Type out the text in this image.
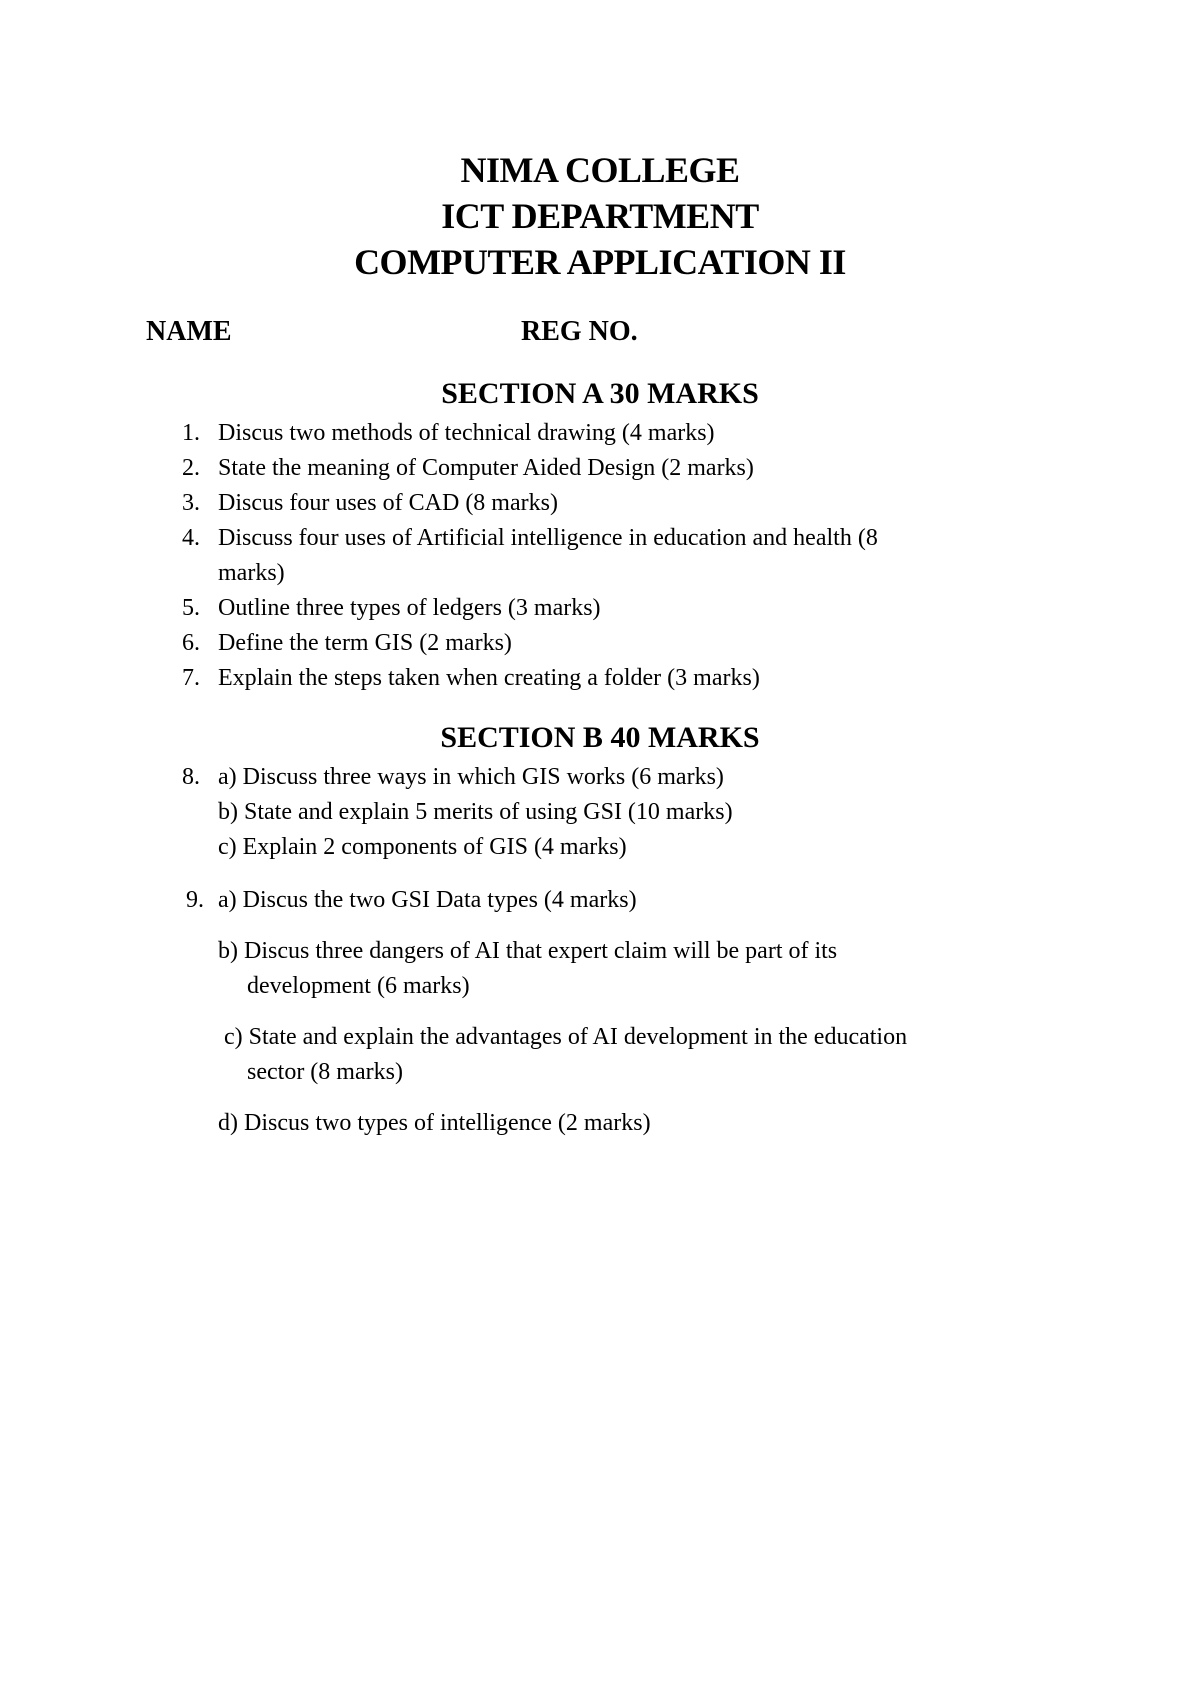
NIMA COLLEGE
ICT DEPARTMENT
COMPUTER APPLICATION II
NAME	REG NO.
SECTION A 30 MARKS
1. Discus two methods of technical drawing (4 marks)
2. State the meaning of Computer Aided Design (2 marks)
3. Discus four uses of CAD (8 marks)
4. Discuss four uses of Artificial intelligence in education and health (8
marks)
5. Outline three types of ledgers (3 marks)
6. Define the term GIS (2 marks)
7. Explain the steps taken when creating a folder (3 marks)
SECTION B 40 MARKS
8. a) Discuss three ways in which GIS works (6 marks)
b) State and explain 5 merits of using GSI (10 marks)
c) Explain 2 components of GIS (4 marks)
9. a) Discus the two GSI Data types (4 marks)
b) Discus three dangers of AI that expert claim will be part of its
development (6 marks)
c) State and explain the advantages of AI development in the education
sector (8 marks)
d) Discus two types of intelligence (2 marks)
